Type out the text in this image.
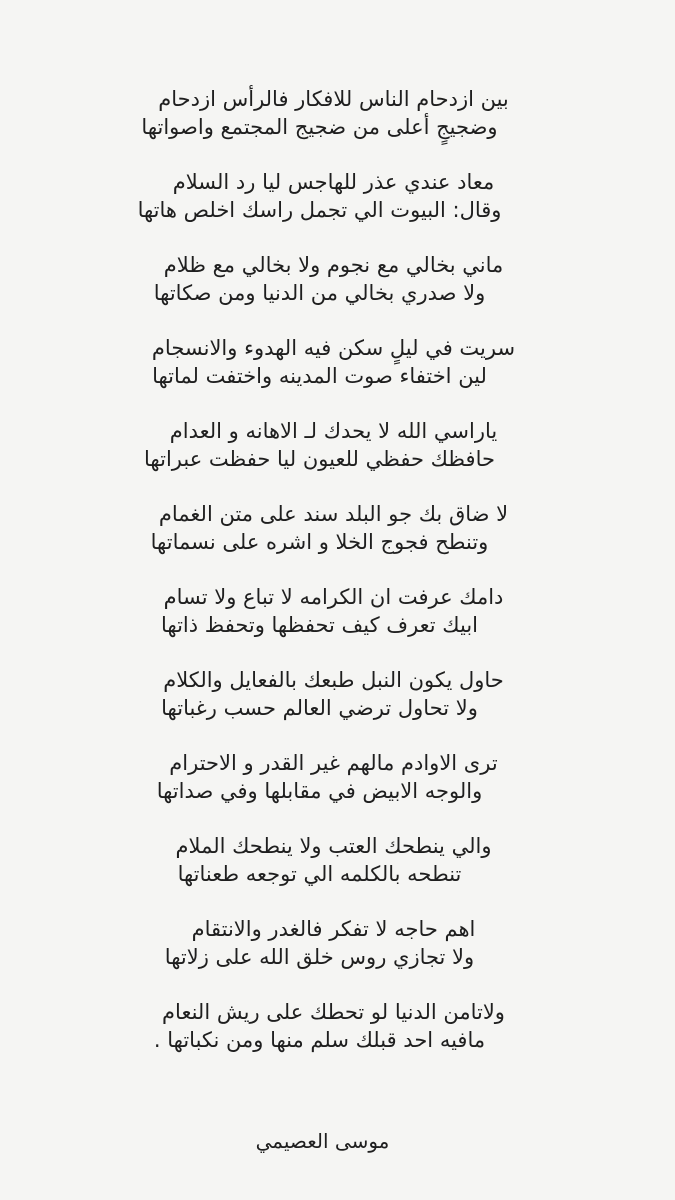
بين ازدحام الناس للافكار فالرأس ازدحام
وضجيجٍ أعلى من ضجيج المجتمع واصواتها
معاد عندي عذر للهاجس ليا رد السلام
وقال: البيوت الي تجمل راسك اخلص هاتها
ماني بخالي مع نجوم ولا بخالي مع ظلام
ولا صدري بخالي من الدنيا ومن صكاتها
سريت في ليلٍ سكن فيه الهدوء والانسجام
لين اختفاء صوت المدينه واختفت لماتها
ياراسي الله لا يحدك لـ الاهانه و العدام
حافظك حفظي للعيون ليا حفظت عبراتها
لا ضاق بك جو البلد سند على متن الغمام
وتنطح فجوج الخلا و اشره على نسماتها
دامك عرفت ان الكرامه لا تباع ولا تسام
ابيك تعرف كيف تحفظها وتحفظ ذاتها
حاول يكون النبل طبعك بالفعايل والكلام
ولا تحاول ترضي العالم حسب رغباتها
ترى الاوادم مالهم غير القدر و الاحترام
والوجه الابيض في مقابلها وفي صداتها
والي ينطحك العتب ولا ينطحك الملام
تنطحه بالكلمه الي توجعه طعناتها
اهم حاجه لا تفكر فالغدر والانتقام
ولا تجازي روس خلق الله على زلاتها
ولاتامن الدنيا لو تحطك على ريش النعام
مافيه احد قبلك سلم منها ومن نكباتها .
موسى العصيمي
